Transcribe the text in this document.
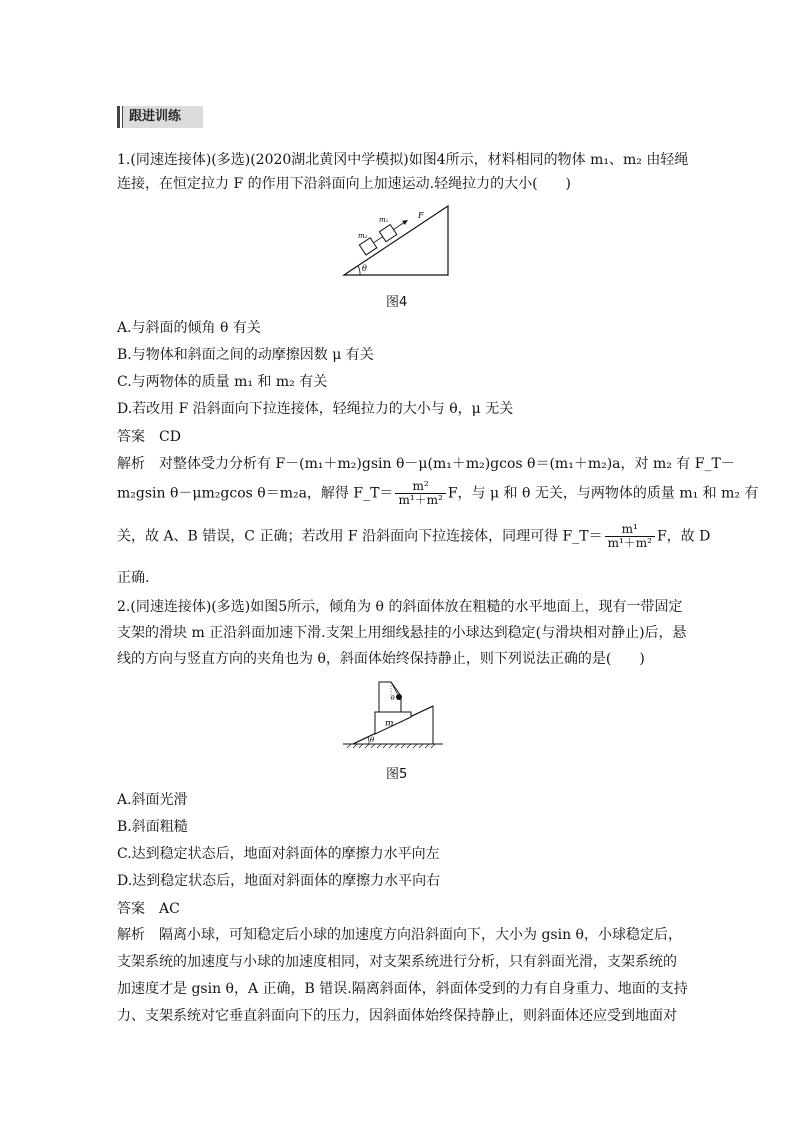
跟进训练
1.(同速连接体)(多选)(2020湖北黄冈中学模拟)如图4所示，材料相同的物体 m₁、m₂ 由轻绳
连接，在恒定拉力 F 的作用下沿斜面向上加速运动.轻绳拉力的大小(　　)
θ
m₂
m₁	F
图4
A.与斜面的倾角 θ 有关
B.与物体和斜面之间的动摩擦因数 μ 有关
C.与两物体的质量 m₁ 和 m₂ 有关
D.若改用 F 沿斜面向下拉连接体，轻绳拉力的大小与 θ，μ 无关
答案 CD
解析 对整体受力分析有 F－(m₁＋m₂)gsin θ－μ(m₁＋m₂)gcos θ＝(m₁＋m₂)a，对 m₂ 有 F_T－
m₂gsin θ－μm₂gcos θ＝m₂a，解得 F_T＝ $\frac{\text{m²}}{\text{m¹＋m²}}$ F，与 μ 和 θ 无关，与两物体的质量 m₁ 和 m₂ 有
关，故 A、B 错误，C 正确；若改用 F 沿斜面向下拉连接体，同理可得 F_T＝ $\frac{\text{m¹}}{\text{m¹＋m²}}$ F，故 D
正确.
2.(同速连接体)(多选)如图5所示，倾角为 θ 的斜面体放在粗糙的水平地面上，现有一带固定
支架的滑块 m 正沿斜面加速下滑.支架上用细线悬挂的小球达到稳定(与滑块相对静止)后，悬
线的方向与竖直方向的夹角也为 θ，斜面体始终保持静止，则下列说法正确的是(　　)
m
θ
θ
图5
A.斜面光滑
B.斜面粗糙
C.达到稳定状态后，地面对斜面体的摩擦力水平向左
D.达到稳定状态后，地面对斜面体的摩擦力水平向右
答案 AC
解析 隔离小球，可知稳定后小球的加速度方向沿斜面向下，大小为 gsin θ，小球稳定后，
支架系统的加速度与小球的加速度相同，对支架系统进行分析，只有斜面光滑，支架系统的
加速度才是 gsin θ，A 正确，B 错误.隔离斜面体，斜面体受到的力有自身重力、地面的支持
力、支架系统对它垂直斜面向下的压力，因斜面体始终保持静止，则斜面体还应受到地面对
